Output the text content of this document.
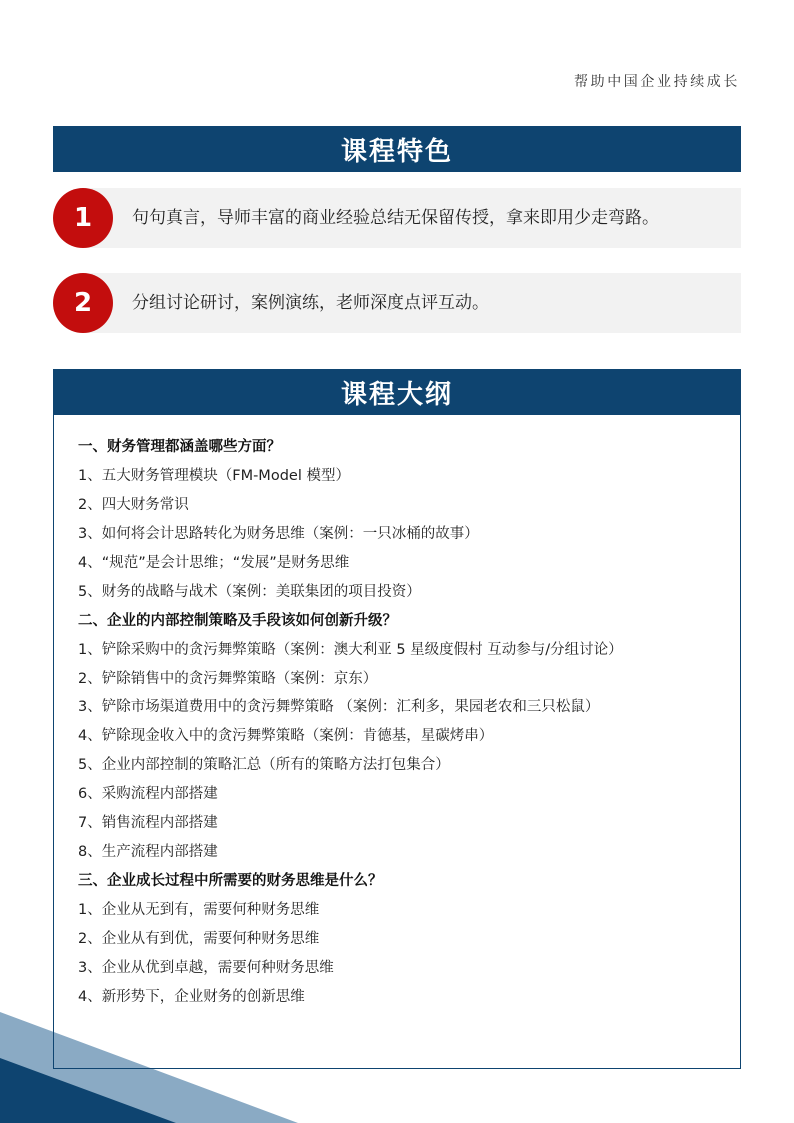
帮助中国企业持续成长
课程特色
1	句句真言，导师丰富的商业经验总结无保留传授，拿来即用少走弯路。
2	分组讨论研讨，案例演练，老师深度点评互动。
课程大纲
一、财务管理都涵盖哪些方面？
1、五大财务管理模块（FM-Model 模型）
2、四大财务常识
3、如何将会计思路转化为财务思维（案例：一只冰桶的故事）
4、“规范”是会计思维；“发展”是财务思维
5、财务的战略与战术（案例：美联集团的项目投资）
二、企业的内部控制策略及手段该如何创新升级？
1、铲除采购中的贪污舞弊策略（案例：澳大利亚 5 星级度假村 互动参与/分组讨论）
2、铲除销售中的贪污舞弊策略（案例：京东）
3、铲除市场渠道费用中的贪污舞弊策略 （案例：汇利多，果园老农和三只松鼠）
4、铲除现金收入中的贪污舞弊策略（案例：肯德基，星碳烤串）
5、企业内部控制的策略汇总（所有的策略方法打包集合）
6、采购流程内部搭建
7、销售流程内部搭建
8、生产流程内部搭建
三、企业成长过程中所需要的财务思维是什么？
1、企业从无到有，需要何种财务思维
2、企业从有到优，需要何种财务思维
3、企业从优到卓越，需要何种财务思维
4、新形势下，企业财务的创新思维
